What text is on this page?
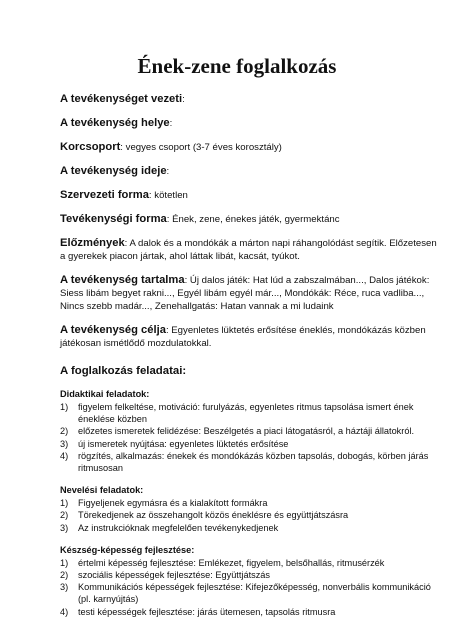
Ének-zene foglalkozás

A tevékenységet vezeti:

A tevékenység helye:

Korcsoport: vegyes csoport (3-7 éves korosztály)

A tevékenység ideje:

Szervezeti forma: kötetlen

Tevékenységi forma: Ének, zene, énekes játék, gyermektánc

Előzmények: A dalok és a mondókák a márton napi ráhangolódást segítik. Előzetesen a gyerekek piacon jártak, ahol láttak libát, kacsát, tyúkot.

A tevékenység tartalma: Új dalos játék: Hat lúd a zabszalmában..., Dalos játékok: Siess libám begyet rakni..., Egyél libám egyél már..., Mondókák: Réce, ruca vadliba..., Nincs szebb madár..., Zenehallgatás: Hatan vannak a mi ludaink

A tevékenység célja: Egyenletes lüktetés erősítése éneklés, mondókázás közben játékosan ismétlődő mozdulatokkal.

A foglalkozás feladatai:

Didaktikai feladatok:

1) figyelem felkeltése, motiváció: furulyázás, egyenletes ritmus tapsolása ismert ének éneklése közben
2) előzetes ismeretek felidézése: Beszélgetés a piaci látogatásról, a háztáji állatokról.
3) új ismeretek nyújtása: egyenletes lüktetés erősítése
4) rögzítés, alkalmazás: énekek és mondókázás közben tapsolás, dobogás, körben járás ritmusosan

Nevelési feladatok:

1) Figyeljenek egymásra és a kialakított formákra
2) Törekedjenek az összehangolt közös éneklésre és együttjátszásra
3) Az instrukcióknak megfelelően tevékenykedjenek

Készség-képesség fejlesztése:

1) értelmi képesség fejlesztése: Emlékezet, figyelem, belsőhallás, ritmusérzék
2) szociális képességek fejlesztése: Együttjátszás
3) Kommunikációs képességek fejlesztése: Kifejezőképesség, nonverbális kommunikáció (pl. karnyújtás)
4) testi képességek fejlesztése: járás ütemesen, tapsolás ritmusra
